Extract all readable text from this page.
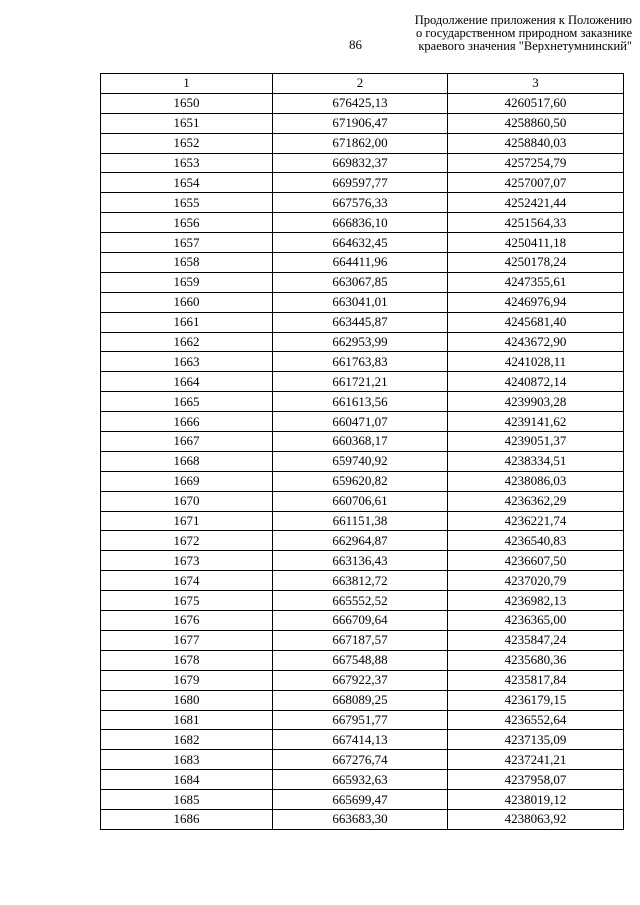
Продолжение приложения к Положению
о государственном природном заказнике
краевого значения "Верхнетумнинский"
86
1	2	3
1650	676425,13	4260517,60
1651	671906,47	4258860,50
1652	671862,00	4258840,03
1653	669832,37	4257254,79
1654	669597,77	4257007,07
1655	667576,33	4252421,44
1656	666836,10	4251564,33
1657	664632,45	4250411,18
1658	664411,96	4250178,24
1659	663067,85	4247355,61
1660	663041,01	4246976,94
1661	663445,87	4245681,40
1662	662953,99	4243672,90
1663	661763,83	4241028,11
1664	661721,21	4240872,14
1665	661613,56	4239903,28
1666	660471,07	4239141,62
1667	660368,17	4239051,37
1668	659740,92	4238334,51
1669	659620,82	4238086,03
1670	660706,61	4236362,29
1671	661151,38	4236221,74
1672	662964,87	4236540,83
1673	663136,43	4236607,50
1674	663812,72	4237020,79
1675	665552,52	4236982,13
1676	666709,64	4236365,00
1677	667187,57	4235847,24
1678	667548,88	4235680,36
1679	667922,37	4235817,84
1680	668089,25	4236179,15
1681	667951,77	4236552,64
1682	667414,13	4237135,09
1683	667276,74	4237241,21
1684	665932,63	4237958,07
1685	665699,47	4238019,12
1686	663683,30	4238063,92
